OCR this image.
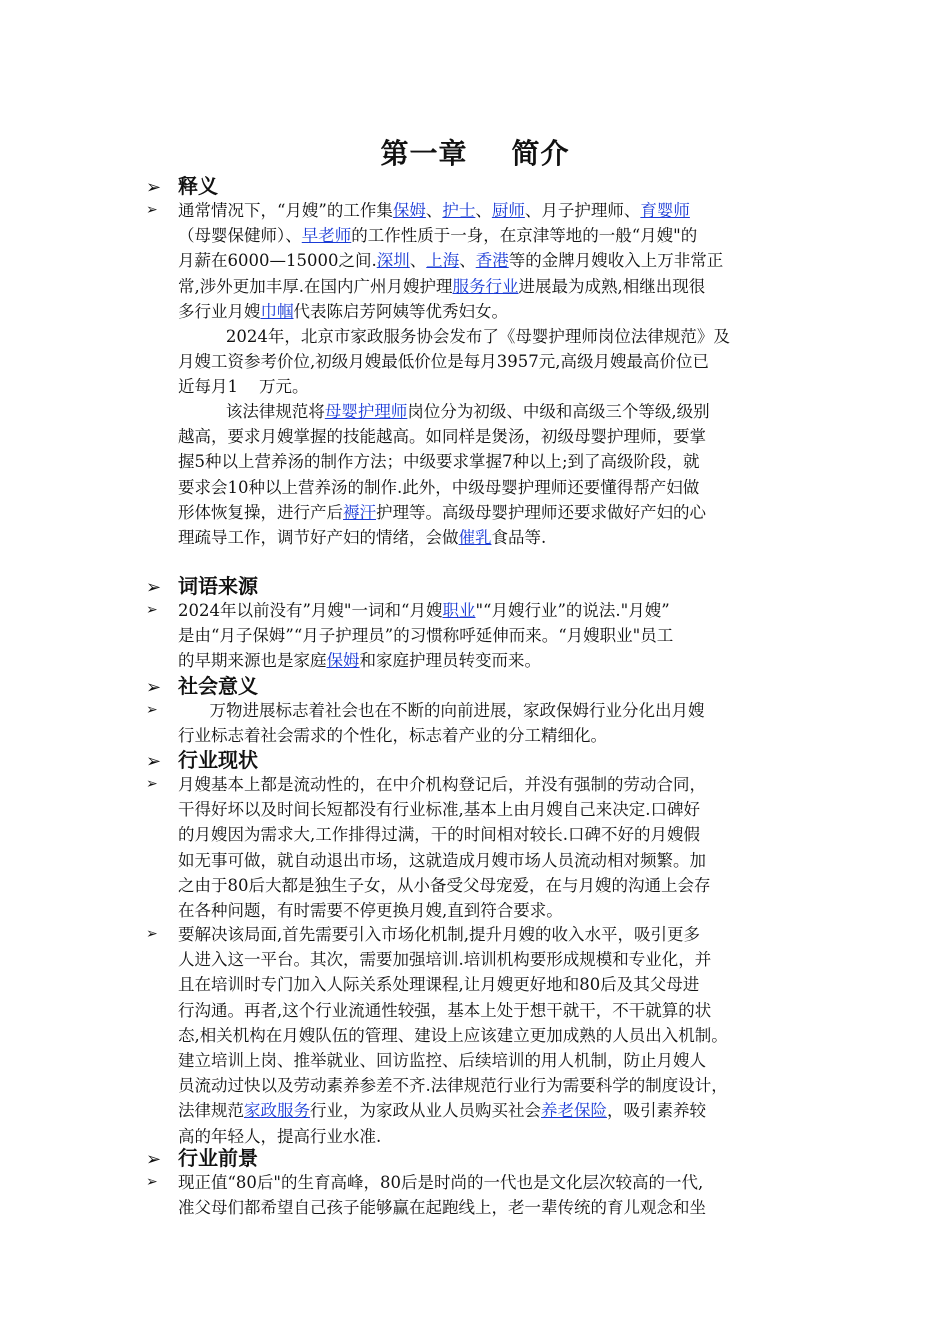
第一章 简介
➢ 释义
➢	通常情况下，“月嫂”的工作集保姆、护士、厨师、月子护理师、育婴师
（母婴保健师）、早老师的工作性质于一身，在京津等地的一般“月嫂"的
月薪在6000—15000之间.深圳、上海、香港等的金牌月嫂收入上万非常正
常,涉外更加丰厚.在国内广州月嫂护理服务行业进展最为成熟,相继出现很
多行业月嫂巾帼代表陈启芳阿姨等优秀妇女。
2024年，北京市家政服务协会发布了《母婴护理师岗位法律规范》及
月嫂工资参考价位,初级月嫂最低价位是每月3957元,高级月嫂最高价位已
近每月1    万元。
该法律规范将母婴护理师岗位分为初级、中级和高级三个等级,级别
越高，要求月嫂掌握的技能越高。如同样是煲汤，初级母婴护理师，要掌
握5种以上营养汤的制作方法；中级要求掌握7种以上;到了高级阶段，就
要求会10种以上营养汤的制作.此外，中级母婴护理师还要懂得帮产妇做
形体恢复操，进行产后褥汗护理等。高级母婴护理师还要求做好产妇的心
理疏导工作，调节好产妇的情绪，会做催乳食品等.
➢ 词语来源
➢	2024年以前没有”月嫂"一词和“月嫂职业"“月嫂行业”的说法."月嫂”
是由“月子保姆”“月子护理员”的习惯称呼延伸而来。“月嫂职业"员工
的早期来源也是家庭保姆和家庭护理员转变而来。
➢ 社会意义
➢	万物进展标志着社会也在不断的向前进展，家政保姆行业分化出月嫂
行业标志着社会需求的个性化，标志着产业的分工精细化。
➢ 行业现状
➢	月嫂基本上都是流动性的，在中介机构登记后，并没有强制的劳动合同，
干得好坏以及时间长短都没有行业标准,基本上由月嫂自己来决定.口碑好
的月嫂因为需求大,工作排得过满，干的时间相对较长.口碑不好的月嫂假
如无事可做，就自动退出市场，这就造成月嫂市场人员流动相对频繁。加
之由于80后大都是独生子女，从小备受父母宠爱，在与月嫂的沟通上会存
在各种问题，有时需要不停更换月嫂,直到符合要求。
➢	要解决该局面,首先需要引入市场化机制,提升月嫂的收入水平，吸引更多
人进入这一平台。其次，需要加强培训.培训机构要形成规模和专业化，并
且在培训时专门加入人际关系处理课程,让月嫂更好地和80后及其父母进
行沟通。再者,这个行业流通性较强，基本上处于想干就干，不干就算的状
态,相关机构在月嫂队伍的管理、建设上应该建立更加成熟的人员出入机制。
建立培训上岗、推举就业、回访监控、后续培训的用人机制，防止月嫂人
员流动过快以及劳动素养参差不齐.法律规范行业行为需要科学的制度设计，
法律规范家政服务行业，为家政从业人员购买社会养老保险，吸引素养较
高的年轻人，提高行业水准.
➢ 行业前景
➢	现正值“80后"的生育高峰，80后是时尚的一代也是文化层次较高的一代,
准父母们都希望自己孩子能够赢在起跑线上，老一辈传统的育儿观念和坐
